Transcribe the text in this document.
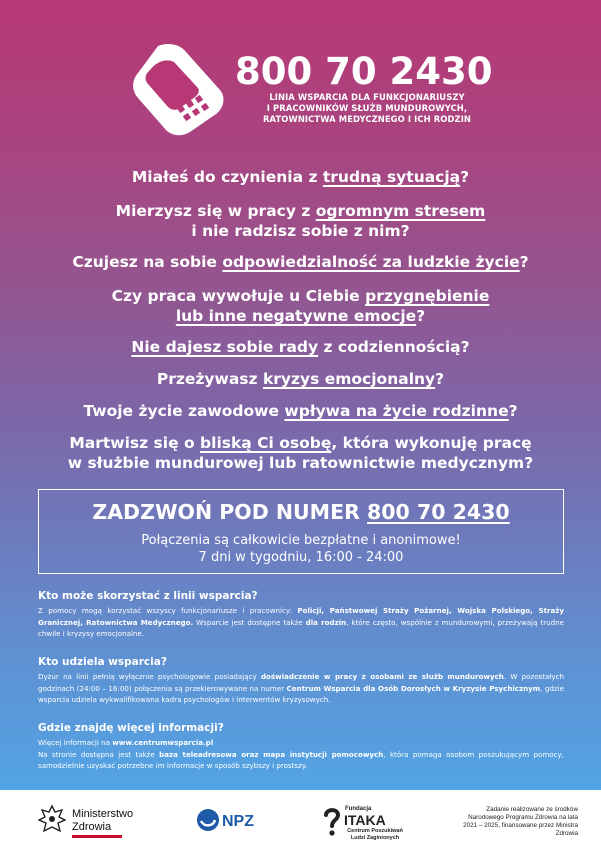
800 70 2430
LINIA WSPARCIA DLA FUNKCJONARIUSZY
I PRACOWNIKÓW SŁUŻB MUNDUROWYCH,
RATOWNICTWA MEDYCZNEGO I ICH RODZIN
Miałeś do czynienia z trudną sytuacją?
Mierzysz się w pracy z ogromnym stresem
i nie radzisz sobie z nim?
Czujesz na sobie odpowiedzialność za ludzkie życie?
Czy praca wywołuje u Ciebie przygnębienie
lub inne negatywne emocje?
Nie dajesz sobie rady z codziennością?
Przeżywasz kryzys emocjonalny?
Twoje życie zawodowe wpływa na życie rodzinne?
Martwisz się o bliską Ci osobę, która wykonuję pracę
w służbie mundurowej lub ratownictwie medycznym?
ZADZWOŃ POD NUMER 800 70 2430
Połączenia są całkowicie bezpłatne i anonimowe!
7 dni w tygodniu, 16:00 - 24:00
Kto może skorzystać z linii wsparcia?

Z pomocy mogą korzystać wszyscy funkcjonariusze i pracownicy: Policji, Państwowej Straży Pożarnej, Wojska Polskiego, Straży Granicznej, Ratownictwa Medycznego. Wsparcie jest dostępne także dla rodzin, które często, wspólnie z mundurowymi, przeżywają trudne chwile i kryzysy emocjonalne.

Kto udziela wsparcia?

Dyżur na linii pełnią wyłącznie psychologowie posiadający doświadczenie w pracy z osobami ze służb mundurowych. W pozostałych godzinach (24:00 – 16:00) połączenia są przekierowywane na numer Centrum Wsparcia dla Osób Dorosłych w Kryzysie Psychicznym, gdzie wsparcia udziela wykwalifikowana kadra psychologów i interwentów kryzysowych.

Gdzie znajdę więcej informacji?

Więcej informacji na www.centrumwsparcia.pl
Na stronie dostępna jest także baza teleadresowa oraz mapa instytucji pomocowych, która pomaga osobom poszukującym pomocy, samodzielnie uzyskać potrzebne im informacje w sposób szybszy i prostszy.

Ministerstwo
Zdrowia	NPZ
Fundacja
ITAKA
Centrum Poszukiwań Ludzi Zaginionych
Zadanie realizowane ze środków Narodowego Programu Zdrowia na lata 2021 – 2025, finansowane przez Ministra Zdrowia
